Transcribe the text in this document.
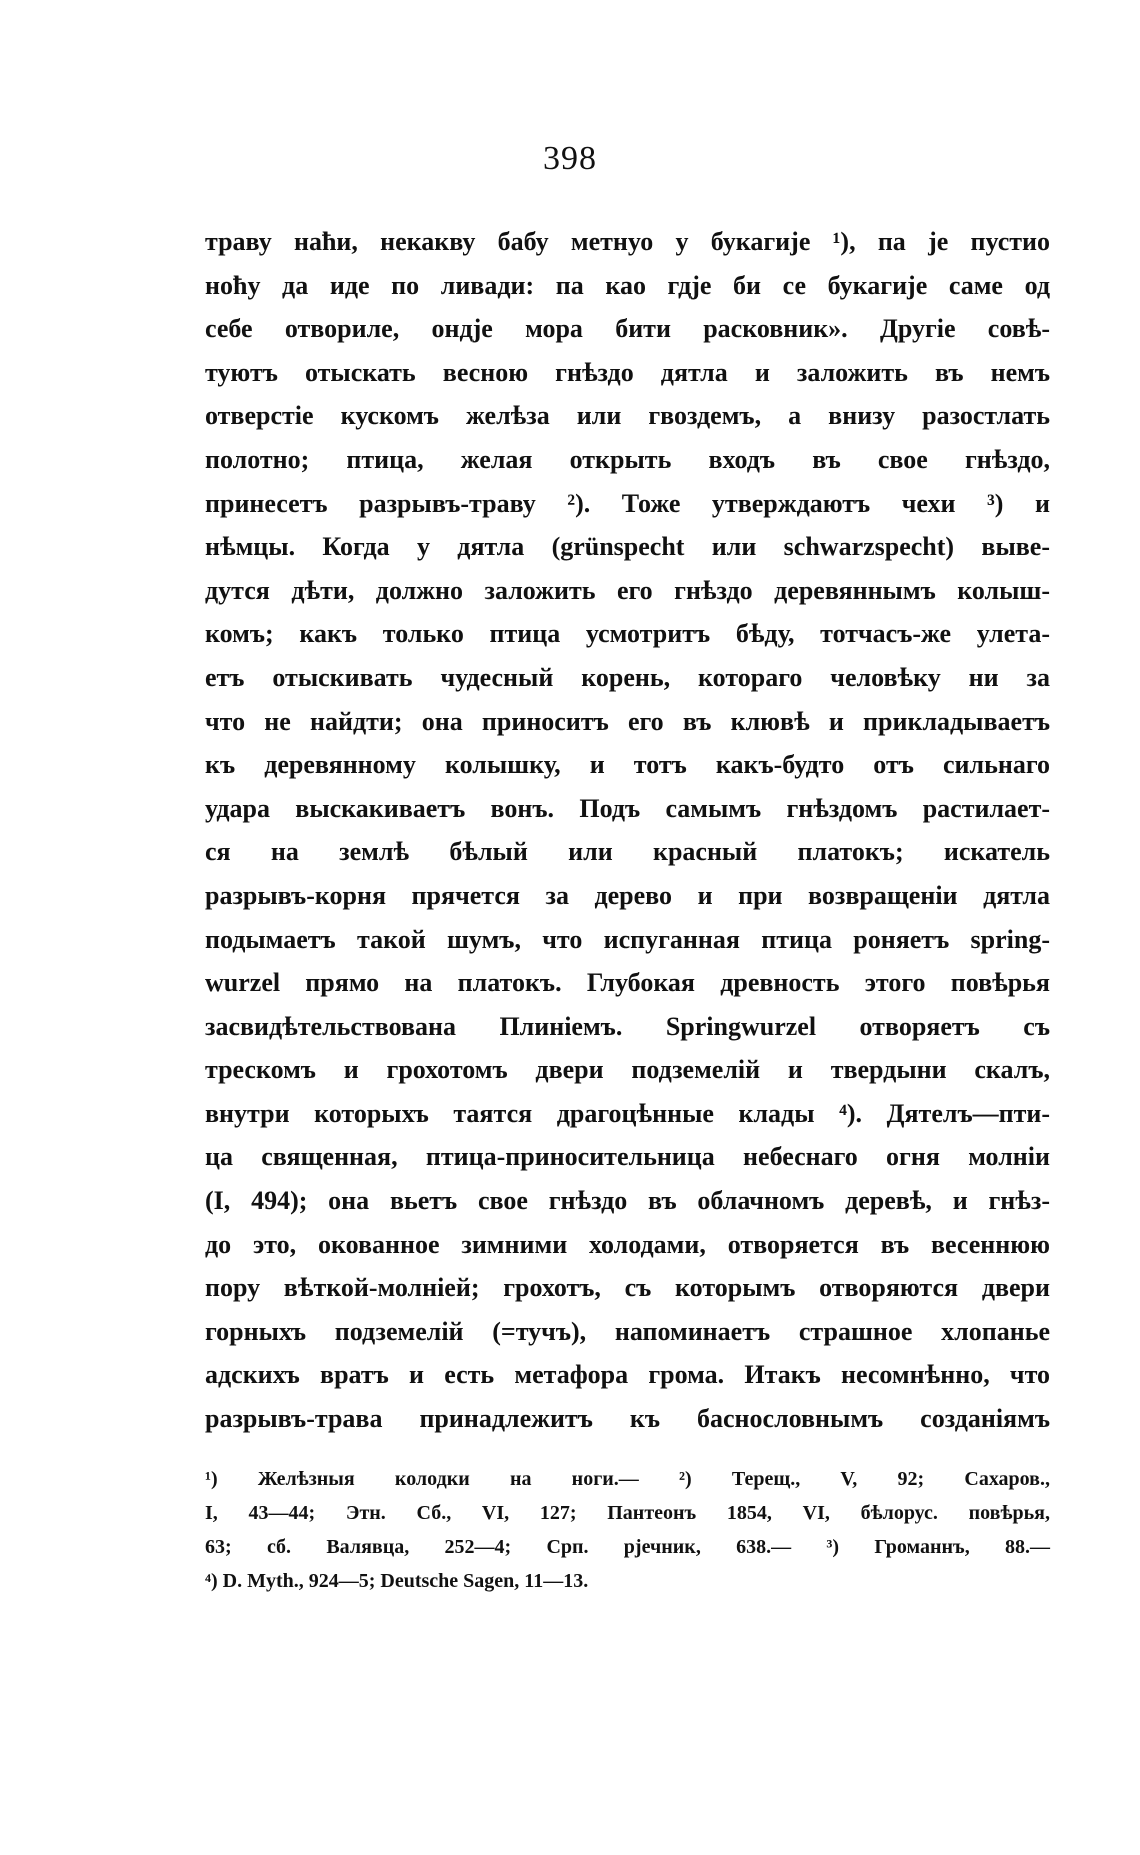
398
траву наћи, некакву бабу метнуо у букагије ¹), па је пустио
ноћу да иде по ливади: па као гдје би се букагије саме од
себе отвориле, ондје мора бити расковник». Другіе совѣ-
туютъ отыскать весною гнѣздо дятла и заложить въ немъ
отверстіе кускомъ желѣза или гвоздемъ, а внизу разостлать
полотно; птица, желая открыть входъ въ свое гнѣздо,
принесетъ разрывъ-траву ²). Тоже утверждаютъ чехи ³) и
нѣмцы. Когда у дятла (grünspecht или schwarzspecht) выве-
дутся дѣти, должно заложить его гнѣздо деревяннымъ колыш-
комъ; какъ только птица усмотритъ бѣду, тотчасъ-же улета-
етъ отыскивать чудесный корень, котораго человѣку ни за
что не найдти; она приноситъ его въ клювѣ и прикладываетъ
къ деревянному колышку, и тотъ какъ-будто отъ сильнаго
удара выскакиваетъ вонъ. Подъ самымъ гнѣздомъ растилает-
ся на землѣ бѣлый или красный платокъ; искатель
разрывъ-корня прячется за дерево и при возвращеніи дятла
подымаетъ такой шумъ, что испуганная птица роняетъ spring-
wurzel прямо на платокъ. Глубокая древность этого повѣрья
засвидѣтельствована Плиніемъ. Springwurzel отворяетъ съ
трескомъ и грохотомъ двери подземелій и твердыни скалъ,
внутри которыхъ таятся драгоцѣнные клады ⁴). Дятелъ—пти-
ца священная, птица-приносительница небеснаго огня молніи
(I, 494); она вьетъ свое гнѣздо въ облачномъ деревѣ, и гнѣз-
до это, окованное зимними холодами, отворяется въ весеннюю
пору вѣткой-молніей; грохотъ, съ которымъ отворяются двери
горныхъ подземелій (=тучъ), напоминаетъ страшное хлопанье
адскихъ вратъ и есть метафора грома. Итакъ несомнѣнно, что
разрывъ-трава принадлежитъ къ баснословнымъ созданіямъ
¹) Желѣзныя колодки на ноги.— ²) Терещ., V, 92; Сахаров.,
I, 43—44; Этн. Сб., VI, 127; Пантеонъ 1854, VI, бѣлорус. повѣрья,
63; сб. Валявца, 252—4; Срп. рјечник, 638.— ³) Громаннъ, 88.—
⁴) D. Myth., 924—5; Deutsche Sagen, 11—13.
